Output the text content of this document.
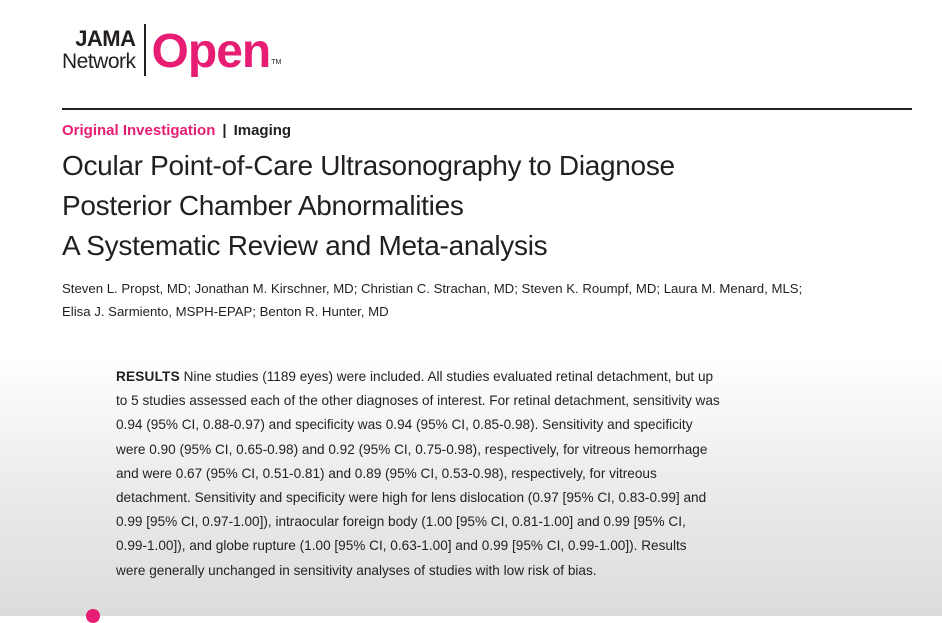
JAMA
Network Open TM
Original Investigation | Imaging
Ocular Point-of-Care Ultrasonography to Diagnose
Posterior Chamber Abnormalities
A Systematic Review and Meta-analysis
Steven L. Propst, MD; Jonathan M. Kirschner, MD; Christian C. Strachan, MD; Steven K. Roumpf, MD; Laura M. Menard, MLS;
Elisa J. Sarmiento, MSPH-EPAP; Benton R. Hunter, MD
RESULTS Nine studies (1189 eyes) were included. All studies evaluated retinal detachment, but up
to 5 studies assessed each of the other diagnoses of interest. For retinal detachment, sensitivity was
0.94 (95% CI, 0.88-0.97) and specificity was 0.94 (95% CI, 0.85-0.98). Sensitivity and specificity
were 0.90 (95% CI, 0.65-0.98) and 0.92 (95% CI, 0.75-0.98), respectively, for vitreous hemorrhage
and were 0.67 (95% CI, 0.51-0.81) and 0.89 (95% CI, 0.53-0.98), respectively, for vitreous
detachment. Sensitivity and specificity were high for lens dislocation (0.97 [95% CI, 0.83-0.99] and
0.99 [95% CI, 0.97-1.00]), intraocular foreign body (1.00 [95% CI, 0.81-1.00] and 0.99 [95% CI,
0.99-1.00]), and globe rupture (1.00 [95% CI, 0.63-1.00] and 0.99 [95% CI, 0.99-1.00]). Results
were generally unchanged in sensitivity analyses of studies with low risk of bias.
